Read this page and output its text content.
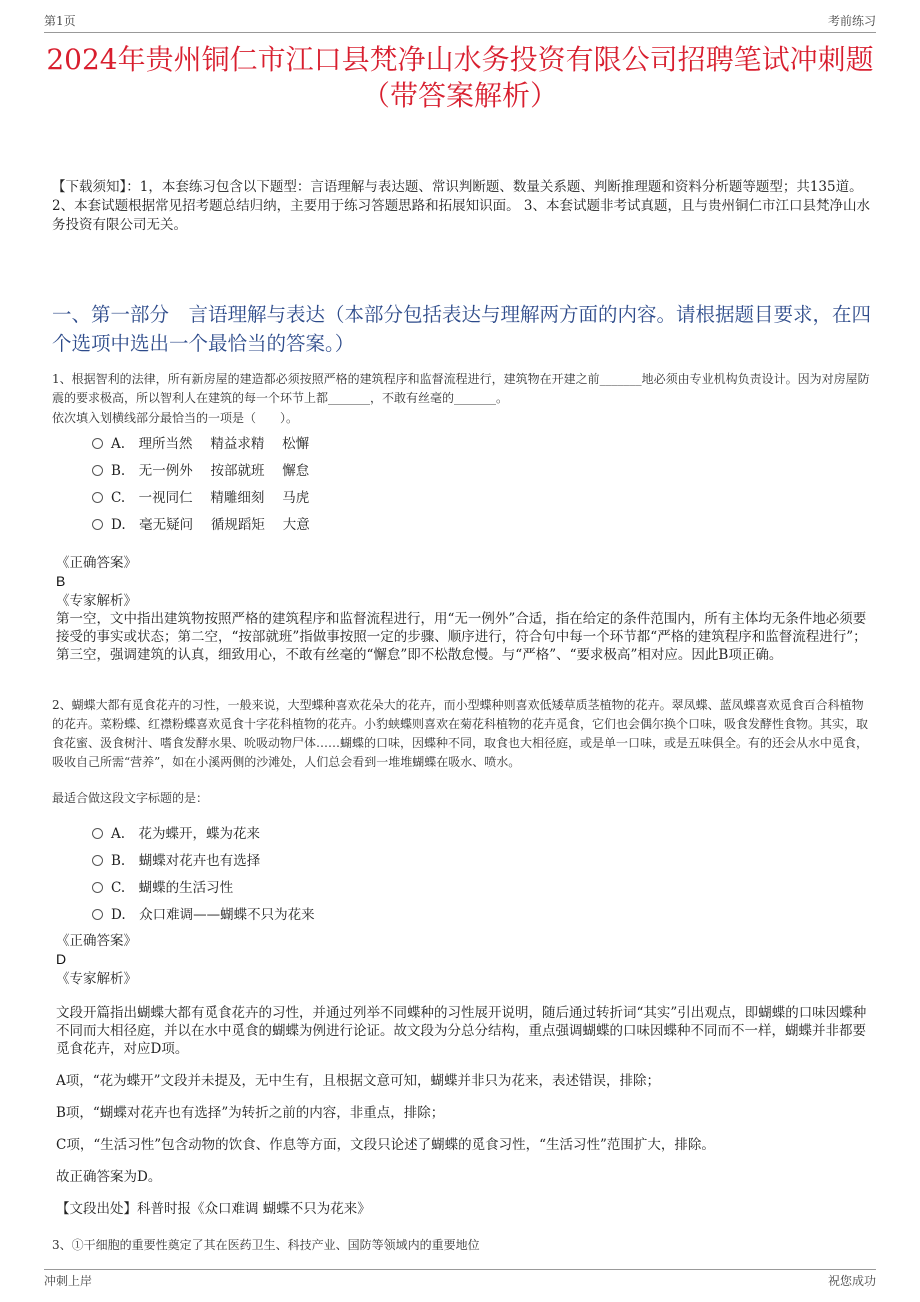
第1页	考前练习
2024年贵州铜仁市江口县梵净山水务投资有限公司招聘笔试冲刺题（带答案解析）
【下载须知】：1，本套练习包含以下题型：言语理解与表达题、常识判断题、数量关系题、判断推理题和资料分析题等题型；共135道。 2、本套试题根据常见招考题总结归纳，主要用于练习答题思路和拓展知识面。 3、本套试题非考试真题，且与贵州铜仁市江口县梵净山水务投资有限公司无关。
一、第一部分　言语理解与表达（本部分包括表达与理解两方面的内容。请根据题目要求，在四个选项中选出一个最恰当的答案。）
1、根据智利的法律，所有新房屋的建造都必须按照严格的建筑程序和监督流程进行，建筑物在开建之前_______地必须由专业机构负责设计。因为对房屋防震的要求极高，所以智利人在建筑的每一个环节上都_______，不敢有丝毫的_______。
依次填入划横线部分最恰当的一项是（　　）。
A.　理所当然　 精益求精　 松懈
B.　无一例外　 按部就班　 懈怠
C.　一视同仁　 精雕细刻　 马虎
D.　毫无疑问　 循规蹈矩　 大意
《正确答案》
B
《专家解析》
第一空，文中指出建筑物按照严格的建筑程序和监督流程进行，用“无一例外”合适，指在给定的条件范围内，所有主体均无条件地必须要接受的事实或状态；第二空，“按部就班”指做事按照一定的步骤、顺序进行，符合句中每一个环节都“严格的建筑程序和监督流程进行”；第三空，强调建筑的认真，细致用心，不敢有丝毫的“懈怠”即不松散怠慢。与“严格”、“要求极高”相对应。因此B项正确。
2、蝴蝶大都有觅食花卉的习性，一般来说，大型蝶种喜欢花朵大的花卉，而小型蝶种则喜欢低矮草质茎植物的花卉。翠凤蝶、蓝凤蝶喜欢觅食百合科植物的花卉。菜粉蝶、红襟粉蝶喜欢觅食十字花科植物的花卉。小豹蛱蝶则喜欢在菊花科植物的花卉觅食，它们也会偶尔换个口味，吸食发酵性食物。其实，取食花蜜、汲食树汁、嗜食发酵水果、吮吸动物尸体……蝴蝶的口味，因蝶种不同，取食也大相径庭，或是单一口味，或是五味俱全。有的还会从水中觅食，吸收自己所需“营养”，如在小溪两侧的沙滩处，人们总会看到一堆堆蝴蝶在吸水、喷水。
最适合做这段文字标题的是：
A.　花为蝶开，蝶为花来
B.　蝴蝶对花卉也有选择
C.　蝴蝶的生活习性
D.　众口难调——蝴蝶不只为花来
《正确答案》
D
《专家解析》
文段开篇指出蝴蝶大都有觅食花卉的习性，并通过列举不同蝶种的习性展开说明，随后通过转折词“其实”引出观点，即蝴蝶的口味因蝶种不同而大相径庭，并以在水中觅食的蝴蝶为例进行论证。故文段为分总分结构，重点强调蝴蝶的口味因蝶种不同而不一样，蝴蝶并非都要觅食花卉，对应D项。
A项，“花为蝶开”文段并未提及，无中生有，且根据文意可知，蝴蝶并非只为花来，表述错误，排除；
B项，“蝴蝶对花卉也有选择”为转折之前的内容，非重点，排除；
C项，“生活习性”包含动物的饮食、作息等方面，文段只论述了蝴蝶的觅食习性，“生活习性”范围扩大，排除。
故正确答案为D。
【文段出处】科普时报《众口难调 蝴蝶不只为花来》
3、①干细胞的重要性奠定了其在医药卫生、科技产业、国防等领域内的重要地位
冲刺上岸	祝您成功
